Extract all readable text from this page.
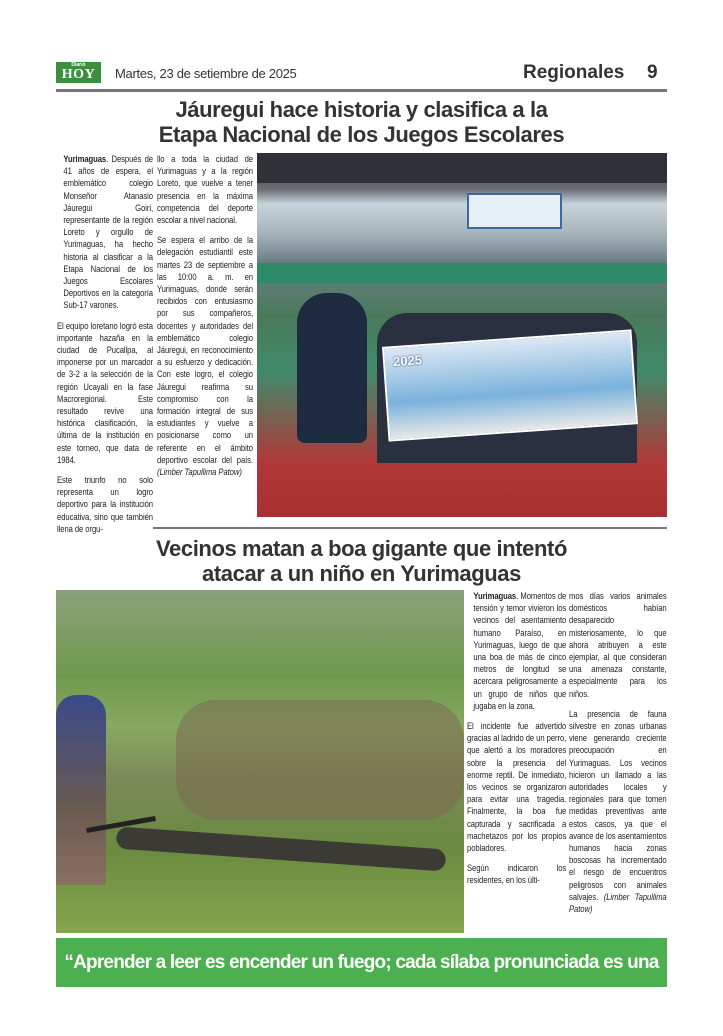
Diario
HOY	Martes, 23 de setiembre de 2025	Regionales 9
Jáuregui hace historia y clasifica a la
Etapa Nacional de los Juegos Escolares

Yurimaguas. Después de 41 años de espera, el emblemático colegio Monseñor Atanasio Jáuregui Goiri, representante de la región Loreto y orgullo de Yurimaguas, ha hecho historia al clasificar a la Etapa Nacional de los Juegos Escolares Deportivos en la categoría Sub-17 varones.

El equipo loretano logró esta importante hazaña en la ciudad de Pucallpa, al imponerse por un marcador de 3-2 a la selección de la región Ucayali en la fase Macroregional. Este resultado revive una histórica clasificación, la última de la institución en este torneo, que data de 1984.

Este triunfo no solo representa un logro deportivo para la institución educativa, sino que también llena de orgu-

llo a toda la ciudad de Yurimaguas y a la región Loreto, que vuelve a tener presencia en la máxima competencia del deporte escolar a nivel nacional.

Se espera el arribo de la delegación estudiantil este martes 23 de septiembre a las 10:00 a. m. en Yurimaguas, donde serán recibidos con entusiasmo por sus compañeros, docentes y autoridades del emblemático colegio Jáuregui, en reconocimiento a su esfuerzo y dedicación. Con este logro, el colegio Jáuregui reafirma su compromiso con la formación integral de sus estudiantes y vuelve a posicionarse como un referente en el ámbito deportivo escolar del país. (Limber Tapullima Patow)

2025
Vecinos matan a boa gigante que intentó
atacar a un niño en Yurimaguas

Yurimaguas. Momentos de tensión y temor vivieron los vecinos del asentamiento humano Paraíso, en Yurimaguas, luego de que una boa de más de cinco metros de longitud se acercara peligrosamente a un grupo de niños que jugaba en la zona.

El incidente fue advertido gracias al ladrido de un perro, que alertó a los moradores sobre la presencia del enorme reptil. De inmediato, los vecinos se organizaron para evitar una tragedia. Finalmente, la boa fue capturada y sacrificada a machetazos por los propios pobladores.

Según indicaron los residentes, en los últi-

mos días varios animales domésticos habían desaparecido misteriosamente, lo que ahora atribuyen a este ejemplar, al que consideran una amenaza constante, especialmente para los niños.

La presencia de fauna silvestre en zonas urbanas viene generando creciente preocupación en Yurimaguas. Los vecinos hicieron un llamado a las autoridades locales y regionales para que tomen medidas preventivas ante estos casos, ya que el avance de los asentamientos humanos hacia zonas boscosas ha incrementado el riesgo de encuentros peligrosos con animales salvajes. (Limber Tapullima Patow)

“Aprender a leer es encender un fuego; cada sílaba pronunciada es una chispa”.
